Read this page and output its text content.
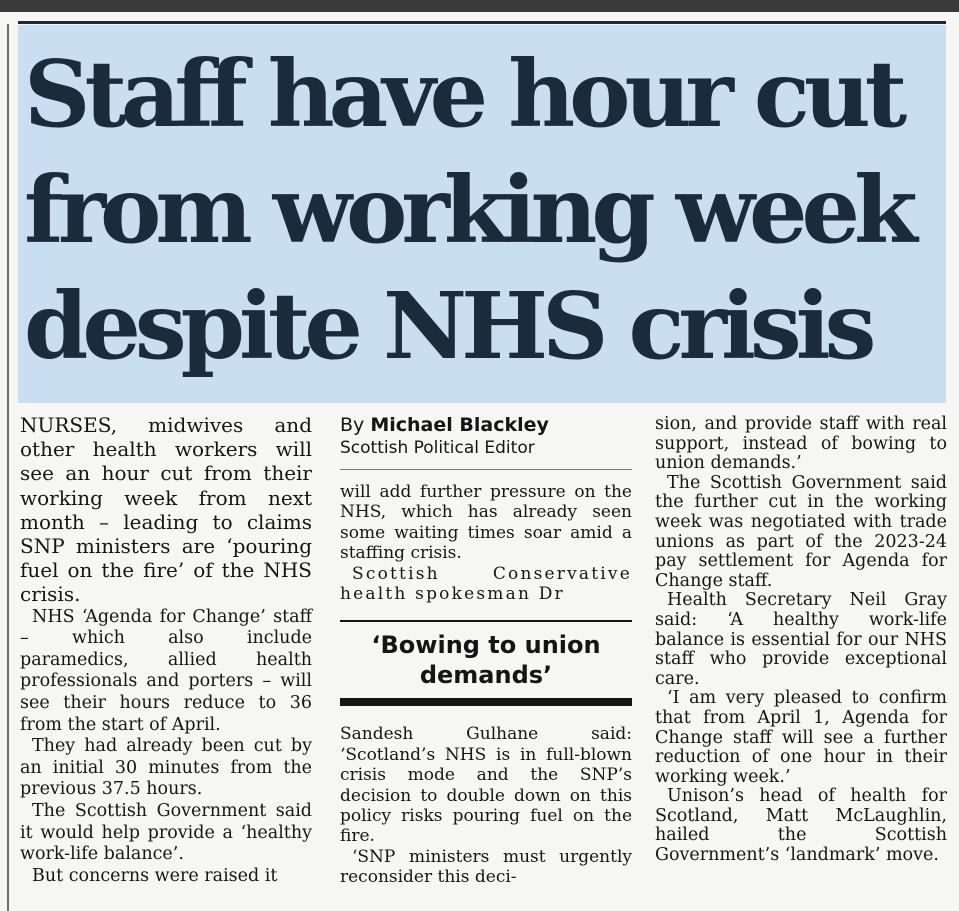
Staff have hour cut
from working week
despite NHS crisis

NURSES, midwives and other health workers will see an hour cut from their working week from next month – leading to claims SNP ministers are ‘pouring fuel on the fire’ of the NHS crisis.

NHS ‘Agenda for Change’ staff – which also include paramedics, allied health professionals and porters – will see their hours reduce to 36 from the start of April.

They had already been cut by an initial 30 minutes from the previous 37.5 hours.

The Scottish Government said it would help provide a ‘healthy work-life balance’.

But concerns were raised it

By Michael Blackley
Scottish Political Editor

will add further pressure on the NHS, which has already seen some waiting times soar amid a staffing crisis.

Scottish Conservative health spokesman Dr

‘Bowing to union
demands’

Sandesh Gulhane said: ‘Scotland’s NHS is in full-blown crisis mode and the SNP’s decision to double down on this policy risks pouring fuel on the fire.

‘SNP ministers must urgently reconsider this deci-

sion, and provide staff with real support, instead of bowing to union demands.’

The Scottish Government said the further cut in the working week was negotiated with trade unions as part of the 2023-24 pay settlement for Agenda for Change staff.

Health Secretary Neil Gray said: ‘A healthy work-life balance is essential for our NHS staff who provide exceptional care.

‘I am very pleased to confirm that from April 1, Agenda for Change staff will see a further reduction of one hour in their working week.’

Unison’s head of health for Scotland, Matt McLaughlin, hailed the Scottish Government’s ‘landmark’ move.
